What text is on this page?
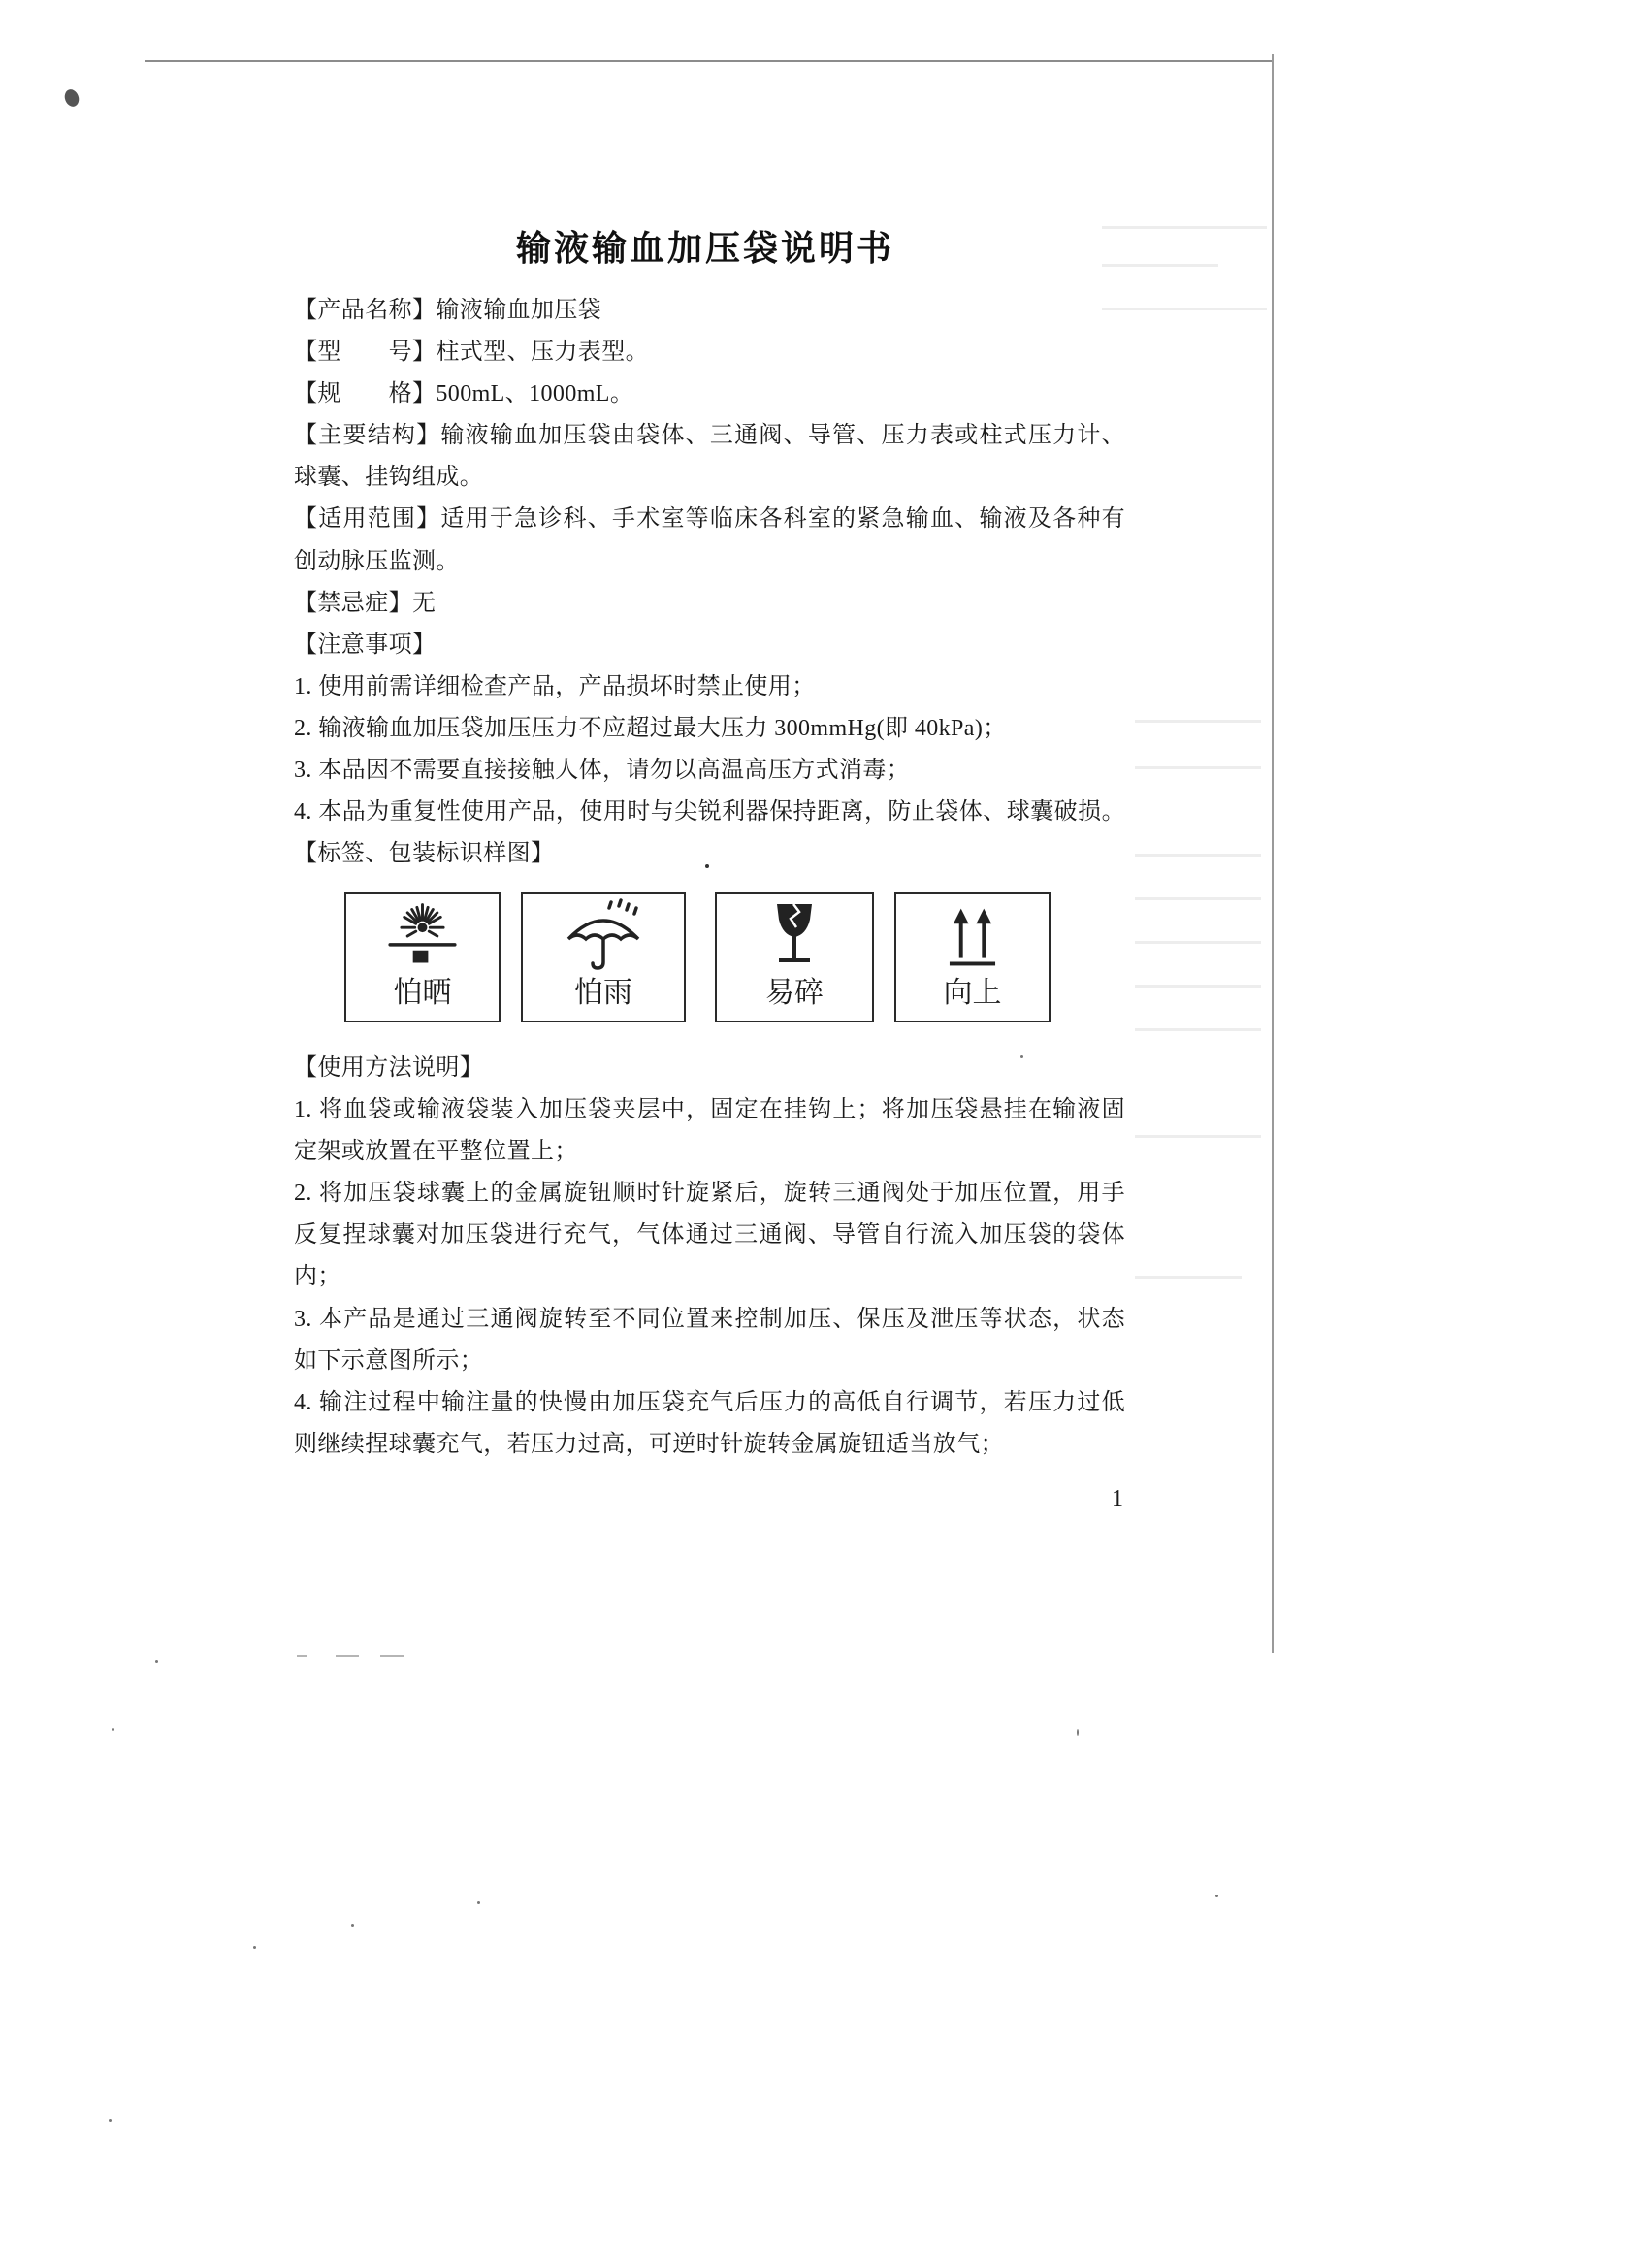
输液输血加压袋说明书
【产品名称】输液输血加压袋
【型　　号】柱式型、压力表型。
【规　　格】500mL、1000mL。
【主要结构】输液输血加压袋由袋体、三通阀、导管、压力表或柱式压力计、
球囊、挂钩组成。
【适用范围】适用于急诊科、手术室等临床各科室的紧急输血、输液及各种有
创动脉压监测。
【禁忌症】无
【注意事项】
1. 使用前需详细检查产品，产品损坏时禁止使用；
2. 输液输血加压袋加压压力不应超过最大压力 300mmHg(即 40kPa)；
3. 本品因不需要直接接触人体，请勿以高温高压方式消毒；
4. 本品为重复性使用产品，使用时与尖锐利器保持距离，防止袋体、球囊破损。
【标签、包装标识样图】
怕晒	怕雨	易碎	向上
【使用方法说明】
1. 将血袋或输液袋装入加压袋夹层中，固定在挂钩上；将加压袋悬挂在输液固
定架或放置在平整位置上；
2. 将加压袋球囊上的金属旋钮顺时针旋紧后，旋转三通阀处于加压位置，用手
反复捏球囊对加压袋进行充气，气体通过三通阀、导管自行流入加压袋的袋体
内；
3. 本产品是通过三通阀旋转至不同位置来控制加压、保压及泄压等状态，状态
如下示意图所示；
4. 输注过程中输注量的快慢由加压袋充气后压力的高低自行调节，若压力过低
则继续捏球囊充气，若压力过高，可逆时针旋转金属旋钮适当放气；
1
